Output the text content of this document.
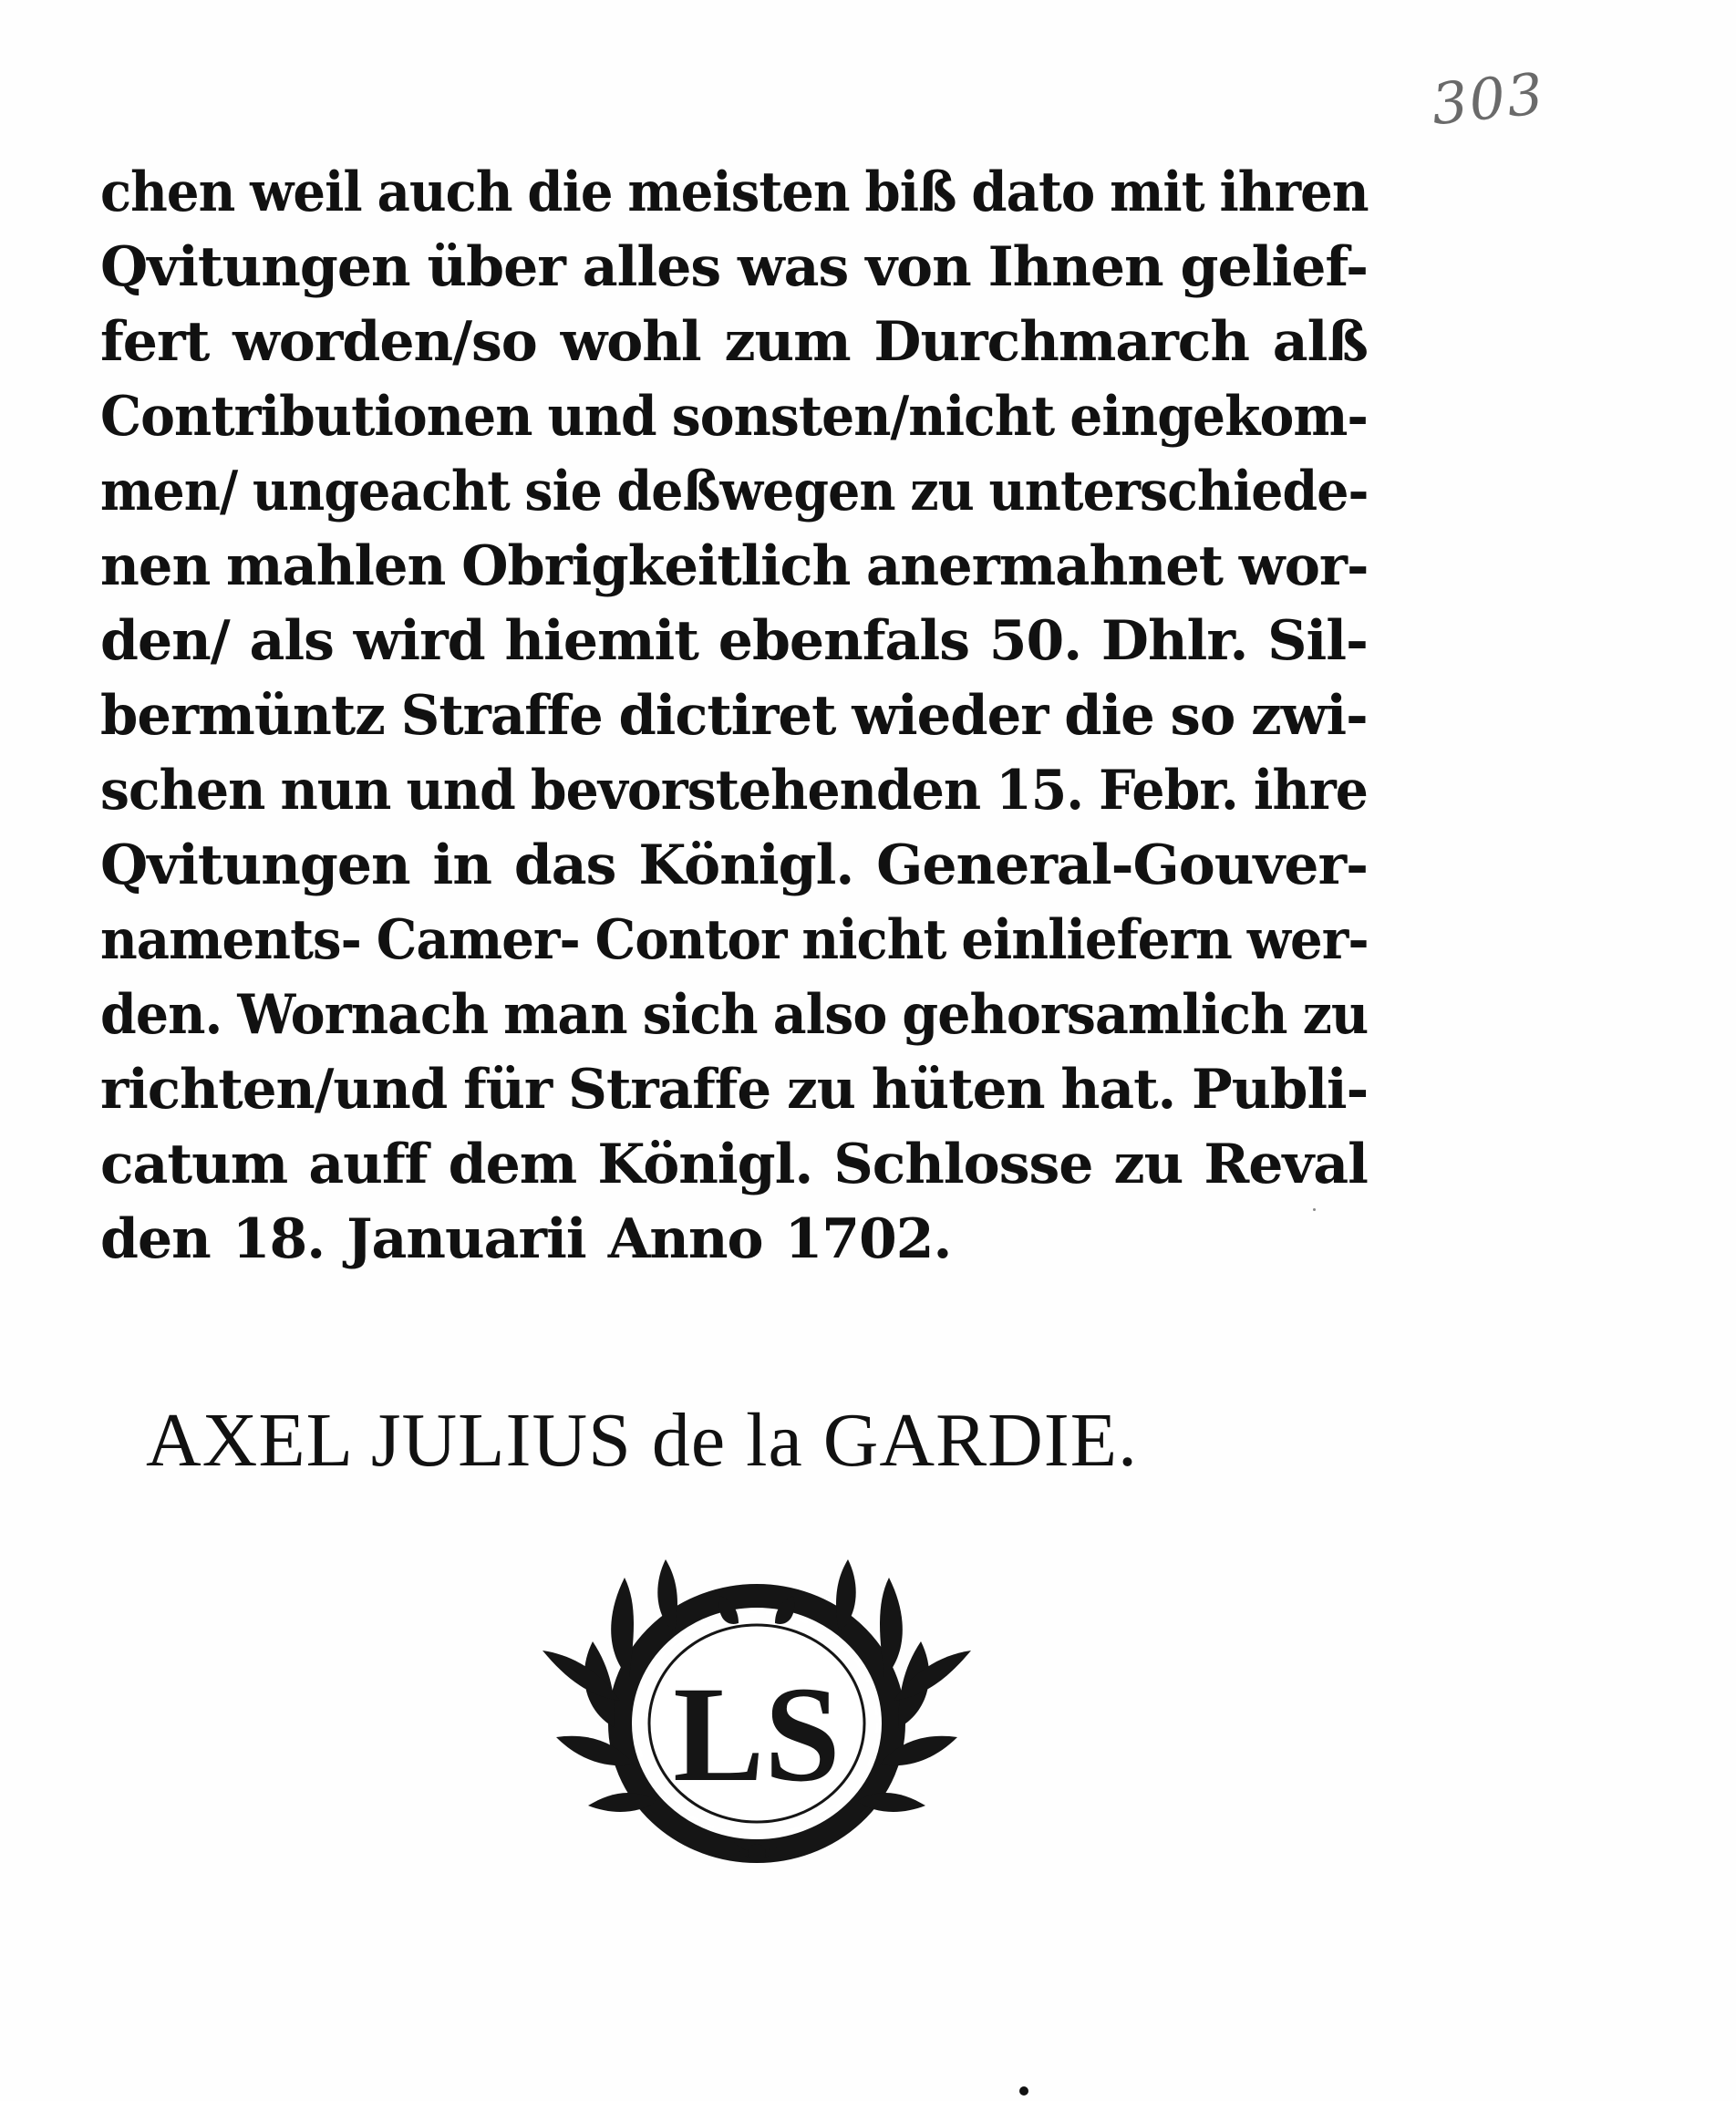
303
chen weil auch die meisten biß dato mit ihren
Qvitungen über alles was von Ihnen gelief-
fert worden/so wohl zum Durchmarch alß
Contributionen und sonsten/nicht eingekom-
men/ ungeacht sie deßwegen zu unterschiede-
nen mahlen Obrigkeitlich anermahnet wor-
den/ als wird hiemit ebenfals 50. Dhlr. Sil-
bermüntz Straffe dictiret wieder die so zwi-
schen nun und bevorstehenden 15. Febr. ihre
Qvitungen in das Königl. General-Gouver-
naments- Camer- Contor nicht einliefern wer-
den. Wornach man sich also gehorsamlich zu
richten/und für Straffe zu hüten hat. Publi-
catum auff dem Königl. Schlosse zu Reval
den 18. Januarii Anno 1702.
AXEL JULIUS de la GARDIE.
LS
